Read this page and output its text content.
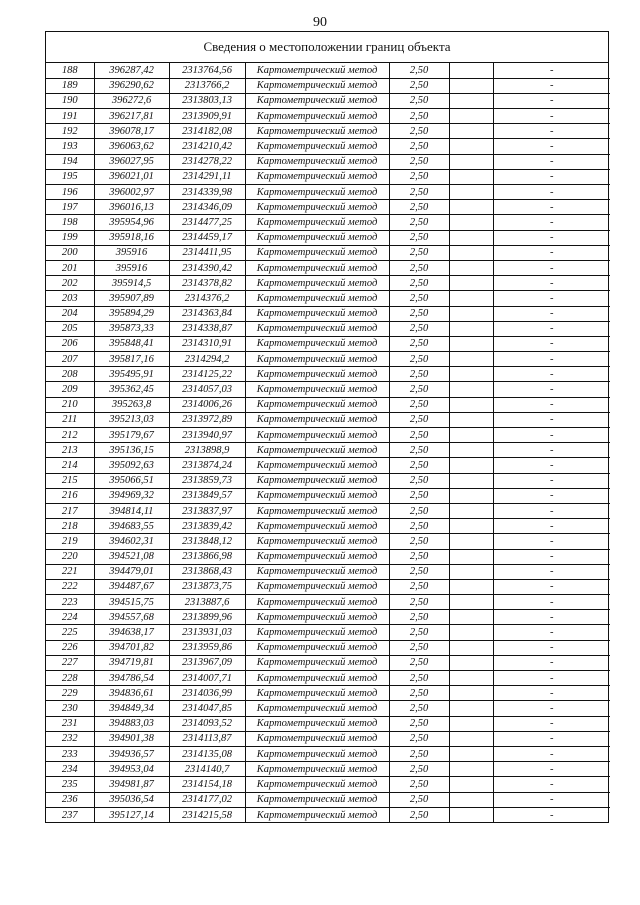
90
Сведения о местоположении границ объекта
188	396287,42	2313764,56	Картометрический метод	2,50		-
189	396290,62	2313766,2	Картометрический метод	2,50		-
190	396272,6	2313803,13	Картометрический метод	2,50		-
191	396217,81	2313909,91	Картометрический метод	2,50		-
192	396078,17	2314182,08	Картометрический метод	2,50		-
193	396063,62	2314210,42	Картометрический метод	2,50		-
194	396027,95	2314278,22	Картометрический метод	2,50		-
195	396021,01	2314291,11	Картометрический метод	2,50		-
196	396002,97	2314339,98	Картометрический метод	2,50		-
197	396016,13	2314346,09	Картометрический метод	2,50		-
198	395954,96	2314477,25	Картометрический метод	2,50		-
199	395918,16	2314459,17	Картометрический метод	2,50		-
200	395916	2314411,95	Картометрический метод	2,50		-
201	395916	2314390,42	Картометрический метод	2,50		-
202	395914,5	2314378,82	Картометрический метод	2,50		-
203	395907,89	2314376,2	Картометрический метод	2,50		-
204	395894,29	2314363,84	Картометрический метод	2,50		-
205	395873,33	2314338,87	Картометрический метод	2,50		-
206	395848,41	2314310,91	Картометрический метод	2,50		-
207	395817,16	2314294,2	Картометрический метод	2,50		-
208	395495,91	2314125,22	Картометрический метод	2,50		-
209	395362,45	2314057,03	Картометрический метод	2,50		-
210	395263,8	2314006,26	Картометрический метод	2,50		-
211	395213,03	2313972,89	Картометрический метод	2,50		-
212	395179,67	2313940,97	Картометрический метод	2,50		-
213	395136,15	2313898,9	Картометрический метод	2,50		-
214	395092,63	2313874,24	Картометрический метод	2,50		-
215	395066,51	2313859,73	Картометрический метод	2,50		-
216	394969,32	2313849,57	Картометрический метод	2,50		-
217	394814,11	2313837,97	Картометрический метод	2,50		-
218	394683,55	2313839,42	Картометрический метод	2,50		-
219	394602,31	2313848,12	Картометрический метод	2,50		-
220	394521,08	2313866,98	Картометрический метод	2,50		-
221	394479,01	2313868,43	Картометрический метод	2,50		-
222	394487,67	2313873,75	Картометрический метод	2,50		-
223	394515,75	2313887,6	Картометрический метод	2,50		-
224	394557,68	2313899,96	Картометрический метод	2,50		-
225	394638,17	2313931,03	Картометрический метод	2,50		-
226	394701,82	2313959,86	Картометрический метод	2,50		-
227	394719,81	2313967,09	Картометрический метод	2,50		-
228	394786,54	2314007,71	Картометрический метод	2,50		-
229	394836,61	2314036,99	Картометрический метод	2,50		-
230	394849,34	2314047,85	Картометрический метод	2,50		-
231	394883,03	2314093,52	Картометрический метод	2,50		-
232	394901,38	2314113,87	Картометрический метод	2,50		-
233	394936,57	2314135,08	Картометрический метод	2,50		-
234	394953,04	2314140,7	Картометрический метод	2,50		-
235	394981,87	2314154,18	Картометрический метод	2,50		-
236	395036,54	2314177,02	Картометрический метод	2,50		-
237	395127,14	2314215,58	Картометрический метод	2,50		-
